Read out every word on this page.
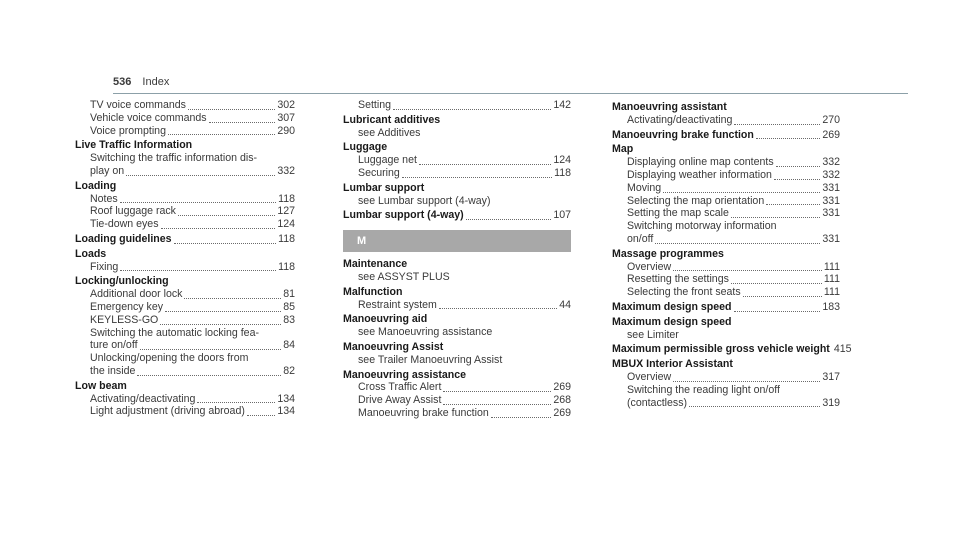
536 Index
TV voice commands	302
Vehicle voice commands	307
Voice prompting	290
Live Traffic Information
Switching the traffic information dis-
play on	332
Loading
Notes	118
Roof luggage rack	127
Tie-down eyes	124
Loading guidelines	118
Loads
Fixing	118
Locking/unlocking
Additional door lock	81
Emergency key	85
KEYLESS-GO	83
Switching the automatic locking fea-
ture on/off	84
Unlocking/opening the doors from
the inside	82
Low beam
Activating/deactivating	134
Light adjustment (driving abroad)	134
Setting	142
Lubricant additives
see Additives
Luggage
Luggage net	124
Securing	118
Lumbar support
see Lumbar support (4-way)
Lumbar support (4-way)	107
M
Maintenance
see ASSYST PLUS
Malfunction
Restraint system	44
Manoeuvring aid
see Manoeuvring assistance
Manoeuvring Assist
see Trailer Manoeuvring Assist
Manoeuvring assistance
Cross Traffic Alert	269
Drive Away Assist	268
Manoeuvring brake function	269
Manoeuvring assistant
Activating/deactivating	270
Manoeuvring brake function	269
Map
Displaying online map contents	332
Displaying weather information	332
Moving	331
Selecting the map orientation	331
Setting the map scale	331
Switching motorway information
on/off	331
Massage programmes
Overview	111
Resetting the settings	111
Selecting the front seats	111
Maximum design speed	183
Maximum design speed
see Limiter
Maximum permissible gross vehicle weight 415
MBUX Interior Assistant
Overview	317
Switching the reading light on/off
(contactless)	319
